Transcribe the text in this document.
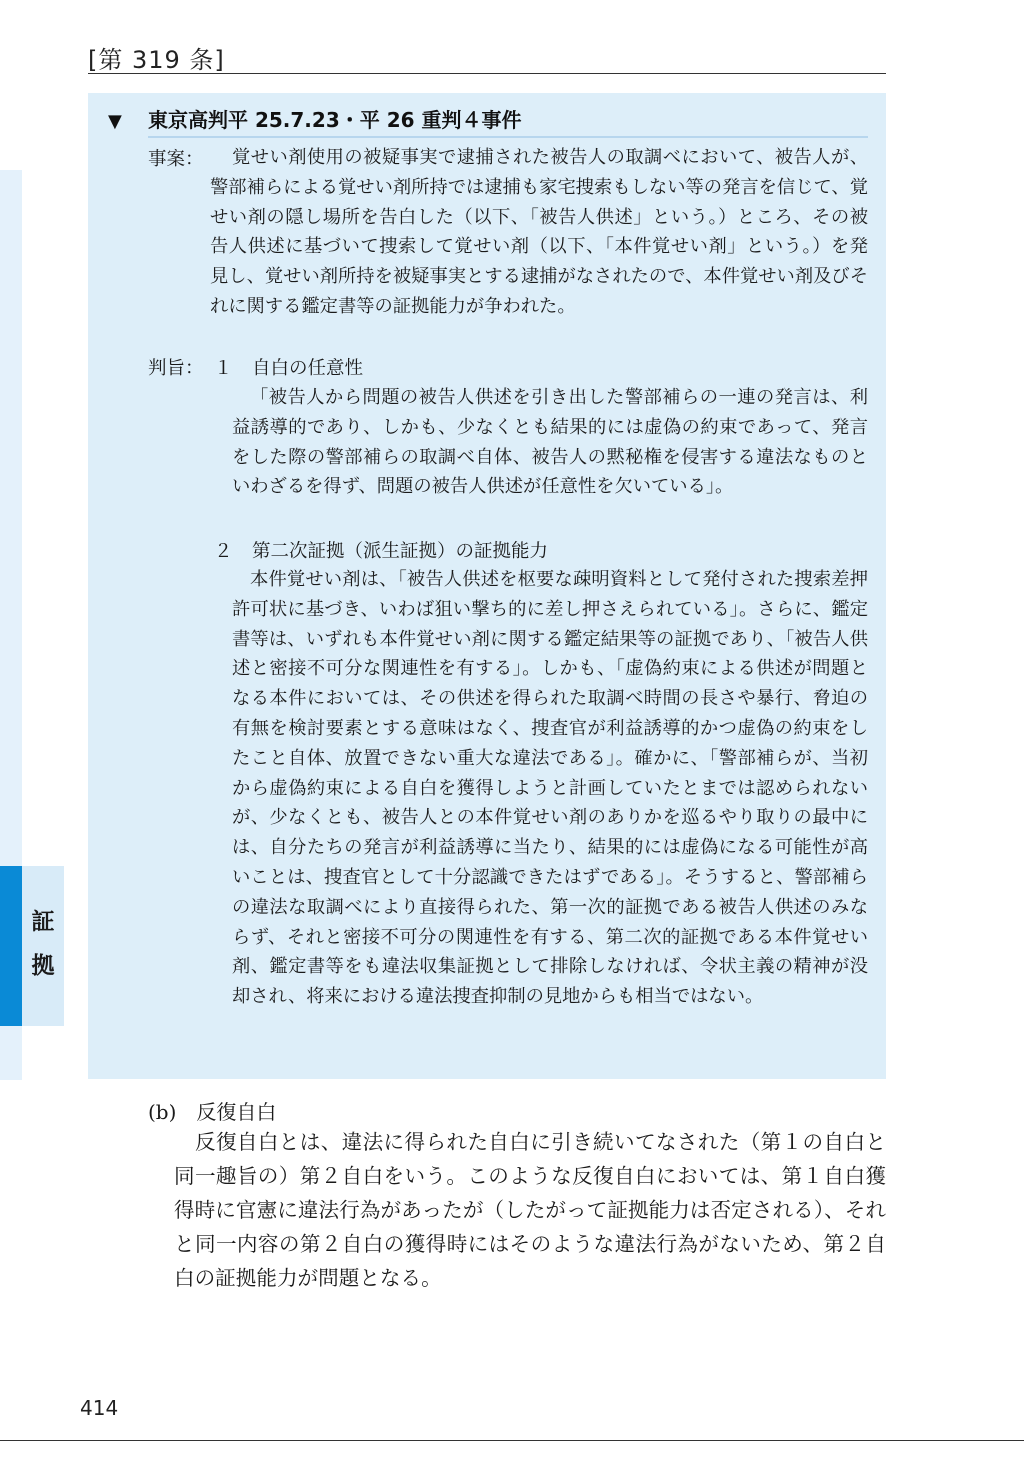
[第 319 条]
証
拠
▼ 東京高判平 25.7.23・平 26 重判４事件
事案：	覚せい剤使用の被疑事実で逮捕された被告人の取調べにおいて、被告人が、警部補らによる覚せい剤所持では逮捕も家宅捜索もしない等の発言を信じて、覚せい剤の隠し場所を告白した（以下、「被告人供述」という。）ところ、その被告人供述に基づいて捜索して覚せい剤（以下、「本件覚せい剤」という。）を発見し、覚せい剤所持を被疑事実とする逮捕がなされたので、本件覚せい剤及びそれに関する鑑定書等の証拠能力が争われた。

判旨： １ 自白の任意性

「被告人から問題の被告人供述を引き出した警部補らの一連の発言は、利益誘導的であり、しかも、少なくとも結果的には虚偽の約束であって、発言をした際の警部補らの取調べ自体、被告人の黙秘権を侵害する違法なものといわざるを得ず、問題の被告人供述が任意性を欠いている」。

２ 第二次証拠（派生証拠）の証拠能力

本件覚せい剤は、「被告人供述を枢要な疎明資料として発付された捜索差押許可状に基づき、いわば狙い撃ち的に差し押さえられている」。さらに、鑑定書等は、いずれも本件覚せい剤に関する鑑定結果等の証拠であり、「被告人供述と密接不可分な関連性を有する」。しかも、「虚偽約束による供述が問題となる本件においては、その供述を得られた取調べ時間の長さや暴行、脅迫の有無を検討要素とする意味はなく、捜査官が利益誘導的かつ虚偽の約束をしたこと自体、放置できない重大な違法である」。確かに、「警部補らが、当初から虚偽約束による自白を獲得しようと計画していたとまでは認められないが、少なくとも、被告人との本件覚せい剤のありかを巡るやり取りの最中には、自分たちの発言が利益誘導に当たり、結果的には虚偽になる可能性が高いことは、捜査官として十分認識できたはずである」。そうすると、警部補らの違法な取調べにより直接得られた、第一次的証拠である被告人供述のみならず、それと密接不可分の関連性を有する、第二次的証拠である本件覚せい剤、鑑定書等をも違法収集証拠として排除しなければ、令状主義の精神が没却され、将来における違法捜査抑制の見地からも相当ではない。

(b)　反復自白

反復自白とは、違法に得られた自白に引き続いてなされた（第１の自白と同一趣旨の）第２自白をいう。このような反復自白においては、第１自白獲得時に官憲に違法行為があったが（したがって証拠能力は否定される）、それと同一内容の第２自白の獲得時にはそのような違法行為がないため、第２自白の証拠能力が問題となる。

414
